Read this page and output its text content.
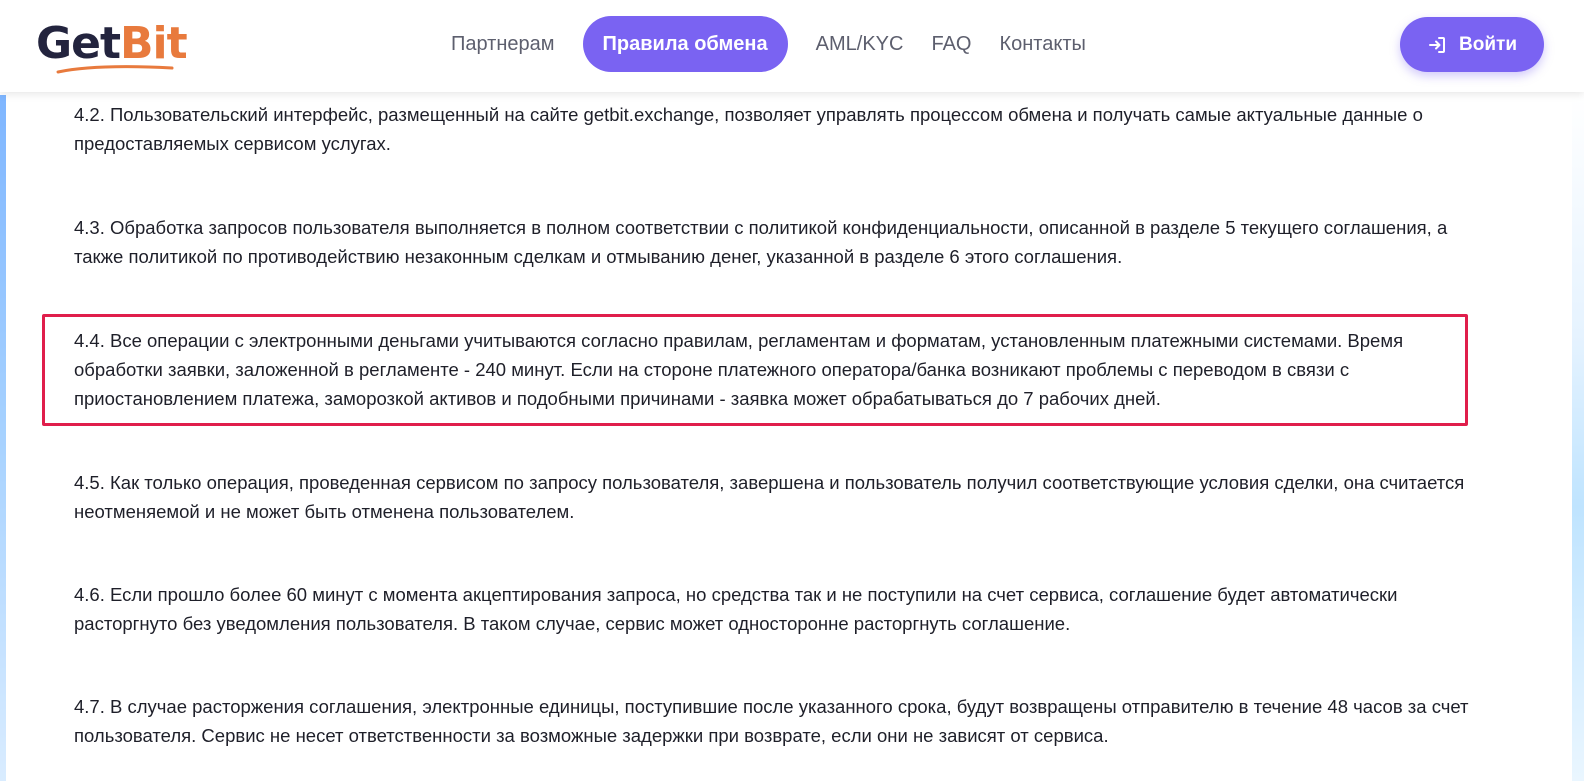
GetBit	Партнерам	Правила обмена	AML/KYC	FAQ	Контакты	Войти

4.2. Пользовательский интерфейс, размещенный на сайте getbit.exchange, позволяет управлять процессом обмена и получать самые актуальные данные о предоставляемых сервисом услугах.

4.3. Обработка запросов пользователя выполняется в полном соответствии с политикой конфиденциальности, описанной в разделе 5 текущего соглашения, а также политикой по противодействию незаконным сделкам и отмыванию денег, указанной в разделе 6 этого соглашения.

4.4. Все операции с электронными деньгами учитываются согласно правилам, регламентам и форматам, установленным платежными системами. Время обработки заявки, заложенной в регламенте - 240 минут. Если на стороне платежного оператора/банка возникают проблемы с переводом в связи с приостановлением платежа, заморозкой активов и подобными причинами - заявка может обрабатываться до 7 рабочих дней.

4.5. Как только операция, проведенная сервисом по запросу пользователя, завершена и пользователь получил соответствующие условия сделки, она считается неотменяемой и не может быть отменена пользователем.

4.6. Если прошло более 60 минут с момента акцептирования запроса, но средства так и не поступили на счет сервиса, соглашение будет автоматически расторгнуто без уведомления пользователя. В таком случае, сервис может односторонне расторгнуть соглашение.

4.7. В случае расторжения соглашения, электронные единицы, поступившие после указанного срока, будут возвращены отправителю в течение 48 часов за счет пользователя. Сервис не несет ответственности за возможные задержки при возврате, если они не зависят от сервиса.
